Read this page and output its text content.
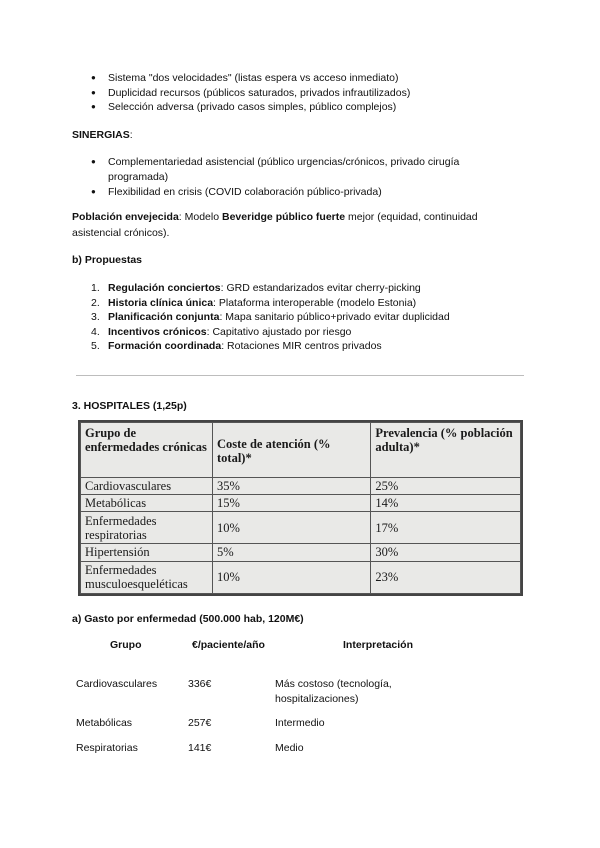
● Sistema "dos velocidades" (listas espera vs acceso inmediato)
● Duplicidad recursos (públicos saturados, privados infrautilizados)
● Selección adversa (privado casos simples, público complejos)
SINERGIAS:
● Complementariedad asistencial (público urgencias/crónicos, privado cirugía programada)
● Flexibilidad en crisis (COVID colaboración público-privada)
Población envejecida: Modelo Beveridge público fuerte mejor (equidad, continuidad asistencial crónicos).
b) Propuestas
1. Regulación conciertos: GRD estandarizados evitar cherry-picking
2. Historia clínica única: Plataforma interoperable (modelo Estonia)
3. Planificación conjunta: Mapa sanitario público+privado evitar duplicidad
4. Incentivos crónicos: Capitativo ajustado por riesgo
5. Formación coordinada: Rotaciones MIR centros privados
3. HOSPITALES (1,25p)
Grupo de enfermedades crónicas	Coste de atención (% total)*	Prevalencia (% población adulta)*
Cardiovasculares	35%	25%
Metabólicas	15%	14%
Enfermedades respiratorias	10%	17%
Hipertensión	5%	30%
Enfermedades musculoesqueléticas	10%	23%
a) Gasto por enfermedad (500.000 hab, 120M€)
Grupo	€/paciente/año	Interpretación
Cardiovasculares	336€	Más costoso (tecnología, hospitalizaciones)
Metabólicas	257€	Intermedio
Respiratorias	141€	Medio
